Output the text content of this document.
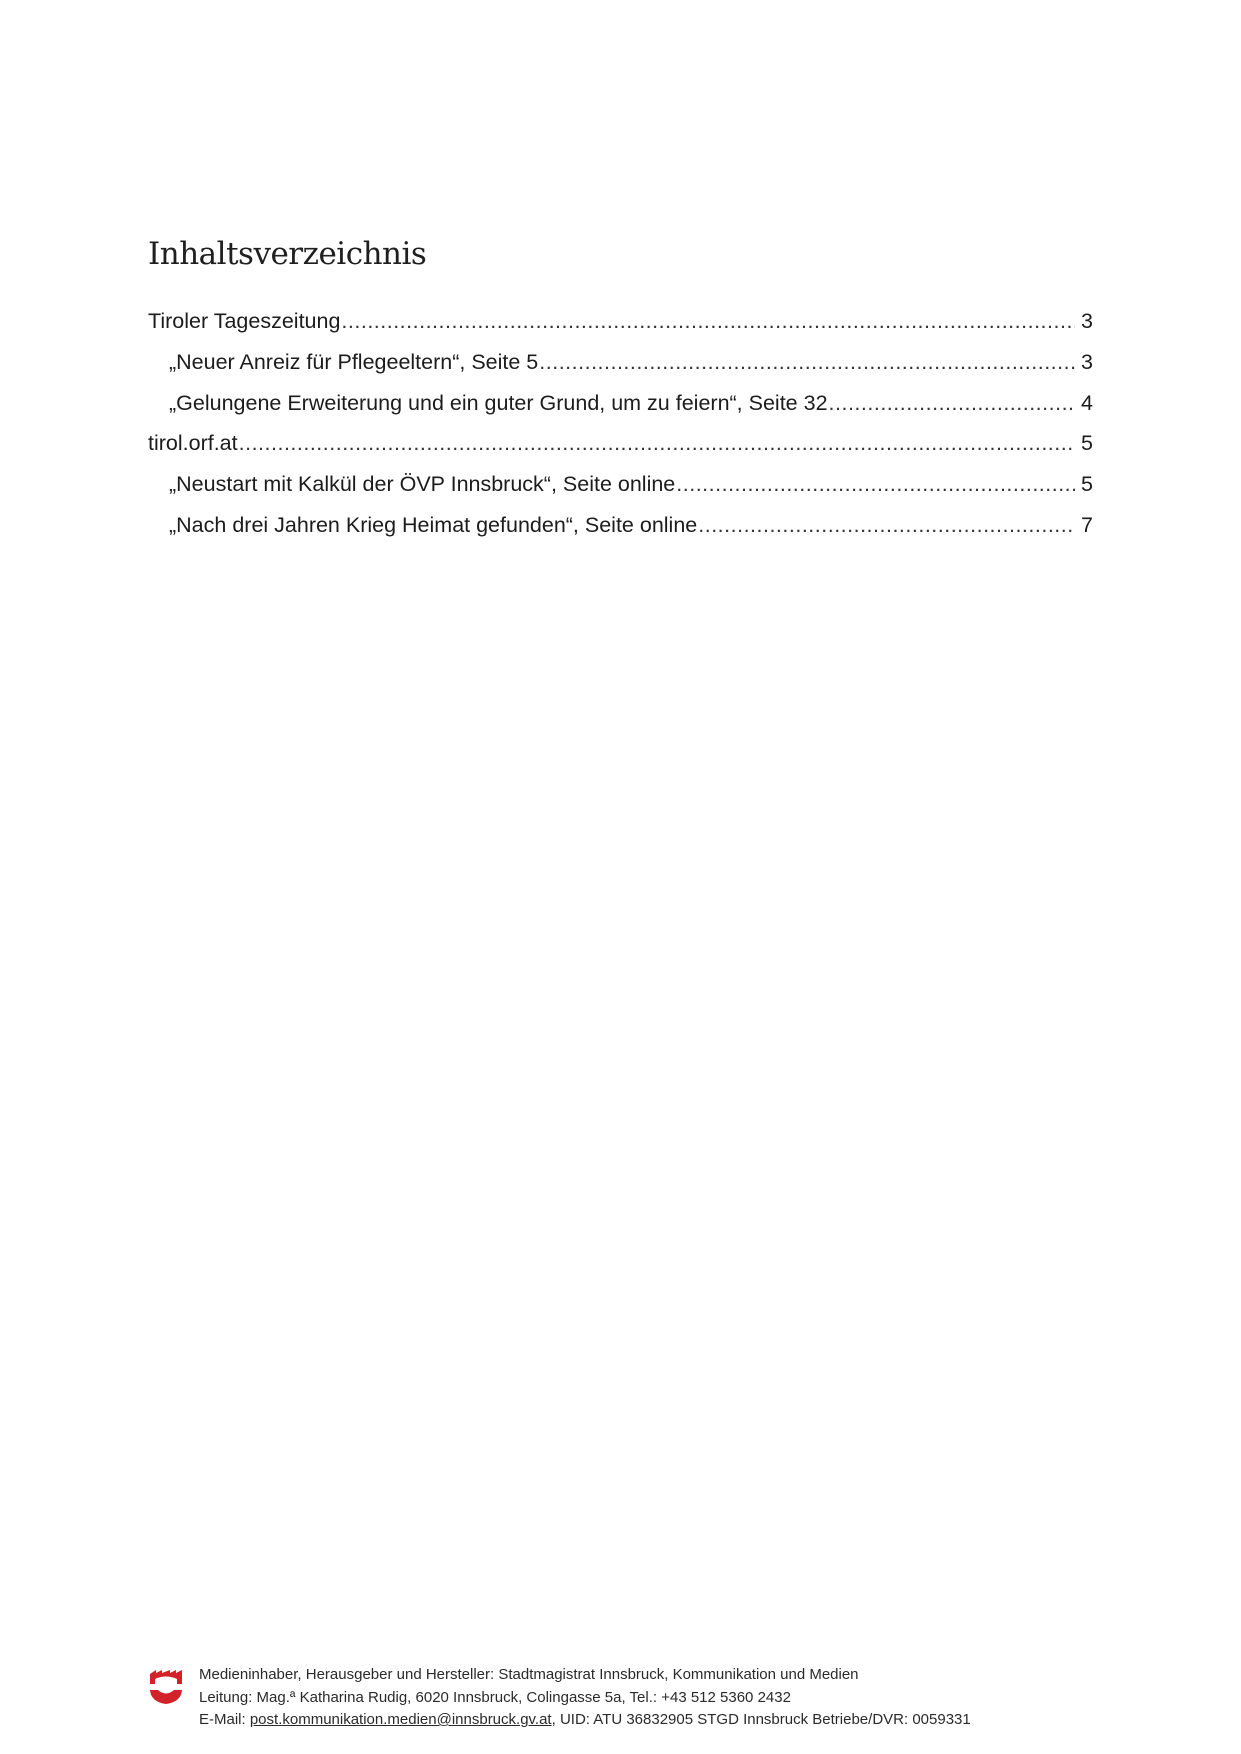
Inhaltsverzeichnis
Tiroler Tageszeitung .....	3
„Neuer Anreiz für Pflegeeltern“, Seite 5 .....	3
„Gelungene Erweiterung und ein guter Grund, um zu feiern“, Seite 32 .....	4
tirol.orf.at .....	5
„Neustart mit Kalkül der ÖVP Innsbruck“, Seite online .....	5
„Nach drei Jahren Krieg Heimat gefunden“, Seite online .....	7
Medieninhaber, Herausgeber und Hersteller: Stadtmagistrat Innsbruck, Kommunikation und Medien
Leitung: Mag.ª Katharina Rudig, 6020 Innsbruck, Colingasse 5a, Tel.: +43 512 5360 2432
E-Mail: post.kommunikation.medien@innsbruck.gv.at, UID: ATU 36832905 STGD Innsbruck Betriebe/DVR: 0059331
